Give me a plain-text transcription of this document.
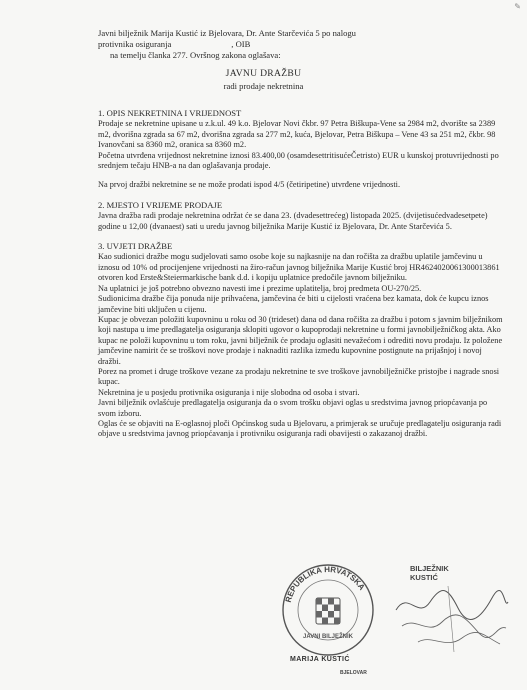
✎
Javni bilježnik Marija Kustić iz Bjelovara, Dr. Ante Starčevića 5 po nalogu
protivnika osiguranja	, OIB
na temelju članka 277. Ovršnog zakona oglašava:
JAVNU DRAŽBU
radi prodaje nekretnina
1. OPIS NEKRETNINA I VRIJEDNOST

Prodaje se nekretnine upisane u z.k.ul. 49 k.o. Bjelovar Novi čkbr. 97 Petra Biškupa-Vene sa 2984 m2, dvorište sa 2389 m2, dvorišna zgrada sa 67 m2, dvorišna zgrada sa 277 m2, kuća, Bjelovar, Petra Biškupa – Vene 43 sa 251 m2, čkbr. 98 Ivanovčani sa 8360 m2, oranica sa 8360 m2.

Početna utvrđena vrijednost nekretnine iznosi 83.400,00 (osamdesettritisućeČetristo) EUR u kunskoj protuvrijednosti po srednjem tečaju HNB-a na dan oglašavanja prodaje.

Na prvoj dražbi nekretnine se ne može prodati ispod 4/5 (četiripetine) utvrđene vrijednosti.

2. MJESTO I VRIJEME PRODAJE

Javna dražba radi prodaje nekretnina održat će se dana 23. (dvadesettrećeg) listopada 2025. (dvijetisućedvadesetpete) godine u 12,00 (dvanaest) sati u uredu javnog bilježnika Marije Kustić iz Bjelovara, Dr. Ante Starčevića 5.

3. UVJETI DRAŽBE

Kao sudionici dražbe mogu sudjelovati samo osobe koje su najkasnije na dan ročišta za dražbu uplatile jamčevinu u iznosu od 10% od procijenjene vrijednosti na žiro-račun javnog bilježnika Marije Kustić broj HR4624020061300013861 otvoren kod Erste&Steiermarkische bank d.d. i kopiju uplatnice predočile javnom bilježniku.

Na uplatnici je još potrebno obvezno navesti ime i prezime uplatitelja, broj predmeta OU-270/25.

Sudionicima dražbe čija ponuda nije prihvaćena, jamčevina će biti u cijelosti vraćena bez kamata, dok će kupcu iznos jamčevine biti uključen u cijenu.

Kupac je obvezan položiti kupovninu u roku od 30 (trideset) dana od dana ročišta za dražbu i potom s javnim bilježnikom koji nastupa u ime predlagatelja osiguranja sklopiti ugovor o kupoprodaji nekretnine u formi javnobilježničkog akta. Ako kupac ne položi kupovninu u tom roku, javni bilježnik će prodaju oglasiti nevažećom i odrediti novu prodaju. Iz položene jamčevine namirit će se troškovi nove prodaje i naknaditi razlika između kupovnine postignute na prijašnjoj i novoj dražbi.

Porez na promet i druge troškove vezane za prodaju nekretnine te sve troškove javnobilježničke pristojbe i nagrade snosi kupac.

Nekretnina je u posjedu protivnika osiguranja i nije slobodna od osoba i stvari.

Javni bilježnik ovlašćuje predlagatelja osiguranja da o svom trošku objavi oglas u sredstvima javnog priopćavanja po svom izboru.

Oglas će se objaviti na E-oglasnoj ploči Općinskog suda u Bjelovaru, a primjerak se uručuje predlagatelju osiguranja radi objave u sredstvima javnog priopćavanja i protivniku osiguranja radi obavijesti o zakazanoj dražbi.

REPUBLIKA HRVATSKA
JAVNI BILJEŽNIK
MARIJA KUSTIĆ
BJELOVAR
BILJEŽNIK
KUSTIĆ
